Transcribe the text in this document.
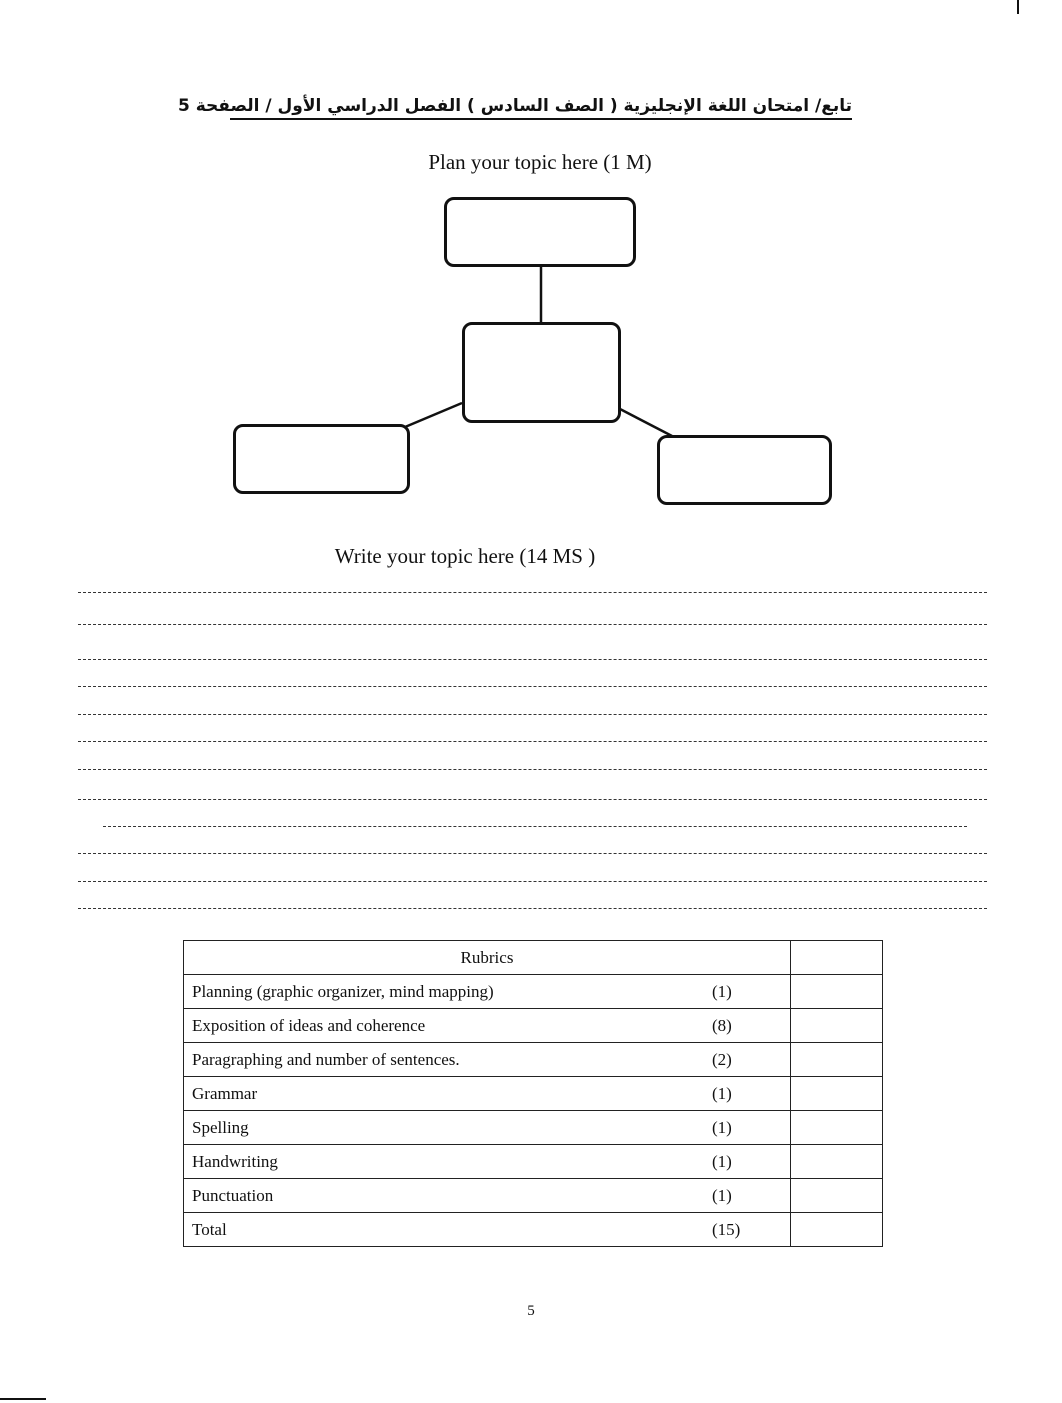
تابع/ امتحان اللغة الإنجليزية ( الصف السادس ) الفصل الدراسي الأول / الصفحة 5
Plan your topic here (1 M)
Write your topic here (14 MS )
Rubrics	

Planning (graphic organizer, mind mapping) (1)	

Exposition of ideas and coherence (8)	

Paragraphing and number of sentences. (2)	

Grammar (1)	

Spelling (1)	

Handwriting (1)	

Punctuation (1)	

Total (15)	

5
